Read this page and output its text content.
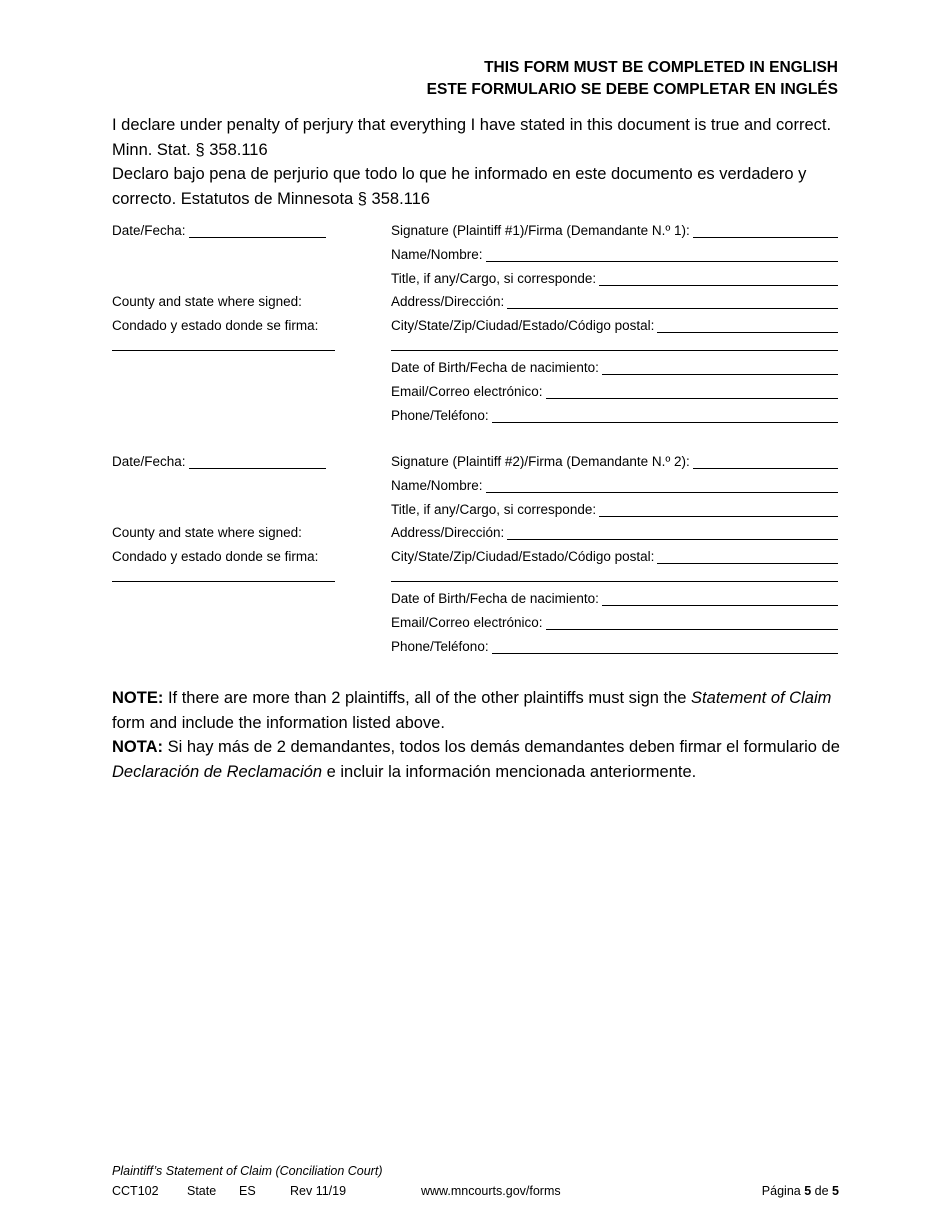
THIS FORM MUST BE COMPLETED IN ENGLISH
ESTE FORMULARIO SE DEBE COMPLETAR EN INGLÉS

I declare under penalty of perjury that everything I have stated in this document is true and correct. Minn. Stat. § 358.116

Declaro bajo pena de perjurio que todo lo que he informado en este documento es verdadero y correcto. Estatutos de Minnesota § 358.116

Date/Fecha:
County and state where signed:
Condado y estado donde se firma:
Signature (Plaintiff #1)/Firma (Demandante N.º 1):
Name/Nombre:
Title, if any/Cargo, si corresponde:
Address/Dirección:
City/State/Zip/Ciudad/Estado/Código postal:
Date of Birth/Fecha de nacimiento:
Email/Correo electrónico:
Phone/Teléfono:
Date/Fecha:
County and state where signed:
Condado y estado donde se firma:
Signature (Plaintiff #2)/Firma (Demandante N.º 2):
Name/Nombre:
Title, if any/Cargo, si corresponde:
Address/Dirección:
City/State/Zip/Ciudad/Estado/Código postal:
Date of Birth/Fecha de nacimiento:
Email/Correo electrónico:
Phone/Teléfono:

NOTE: If there are more than 2 plaintiffs, all of the other plaintiffs must sign the Statement of Claim form and include the information listed above.

NOTA: Si hay más de 2 demandantes, todos los demás demandantes deben firmar el formulario de Declaración de Reclamación e incluir la información mencionada anteriormente.

Plaintiff’s Statement of Claim (Conciliation Court)
CCT102 State ES	Rev 11/19	www.mncourts.gov/forms	Página 5 de 5
